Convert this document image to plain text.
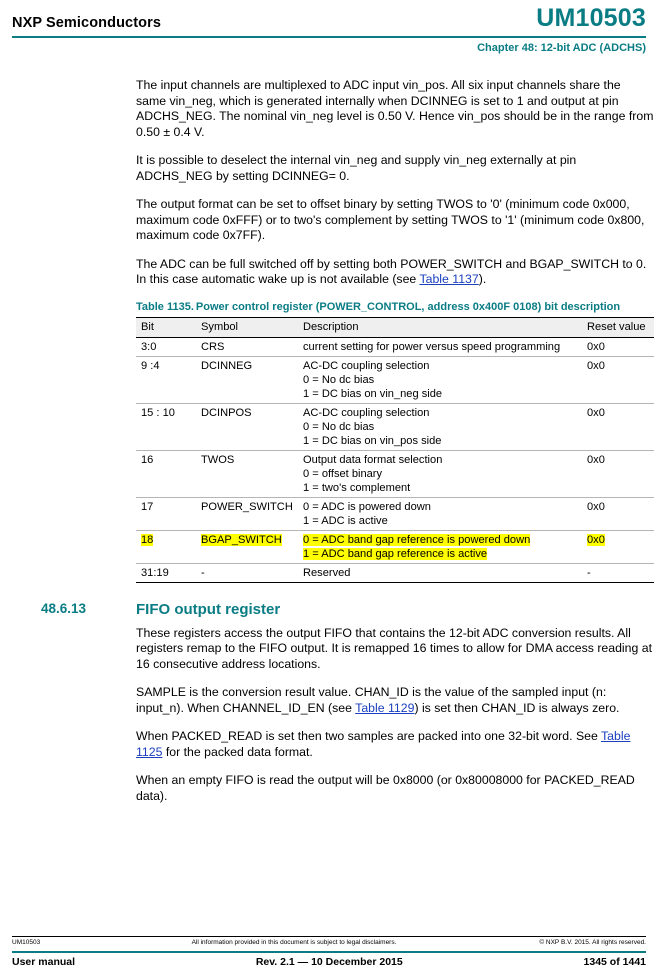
NXP Semiconductors	UM10503
Chapter 48: 12-bit ADC (ADCHS)

The input channels are multiplexed to ADC input vin_pos. All six input channels share the same vin_neg, which is generated internally when DCINNEG is set to 1 and output at pin ADCHS_NEG. The nominal vin_neg level is 0.50 V. Hence vin_pos should be in the range from 0.50 ± 0.4 V.

It is possible to deselect the internal vin_neg and supply vin_neg externally at pin ADCHS_NEG by setting DCINNEG= 0.

The output format can be set to offset binary by setting TWOS to '0' (minimum code 0x000, maximum code 0xFFF) or to two's complement by setting TWOS to '1' (minimum code 0x800, maximum code 0x7FF).

The ADC can be full switched off by setting both POWER_SWITCH and BGAP_SWITCH to 0. In this case automatic wake up is not available (see Table 1137).

Table 1135. Power control register (POWER_CONTROL, address 0x400F 0108) bit description
Bit	Symbol	Description	Reset value
3:0	CRS	current setting for power versus speed programming	0x0
9 :4	DCINNEG	AC-DC coupling selection
0 = No dc bias
1 = DC bias on vin_neg side	0x0
15 : 10	DCINPOS	AC-DC coupling selection
0 = No dc bias
1 = DC bias on vin_pos side	0x0
16	TWOS	Output data format selection
0 = offset binary
1 = two's complement	0x0
17	POWER_SWITCH	0 = ADC is powered down
1 = ADC is active	0x0
18	BGAP_SWITCH	0 = ADC band gap reference is powered down
1 = ADC band gap reference is active	0x0
31:19	-	Reserved	-
48.6.13	FIFO output register

These registers access the output FIFO that contains the 12-bit ADC conversion results. All registers remap to the FIFO output. It is remapped 16 times to allow for DMA access reading at 16 consecutive address locations.

SAMPLE is the conversion result value. CHAN_ID is the value of the sampled input (n: input_n). When CHANNEL_ID_EN (see Table 1129) is set then CHAN_ID is always zero.

When PACKED_READ is set then two samples are packed into one 32-bit word. See Table 1125 for the packed data format.

When an empty FIFO is read the output will be 0x8000 (or 0x80008000 for PACKED_READ data).

UM10503	All information provided in this document is subject to legal disclaimers.	© NXP B.V. 2015. All rights reserved.
User manual	Rev. 2.1 — 10 December 2015	1345 of 1441
